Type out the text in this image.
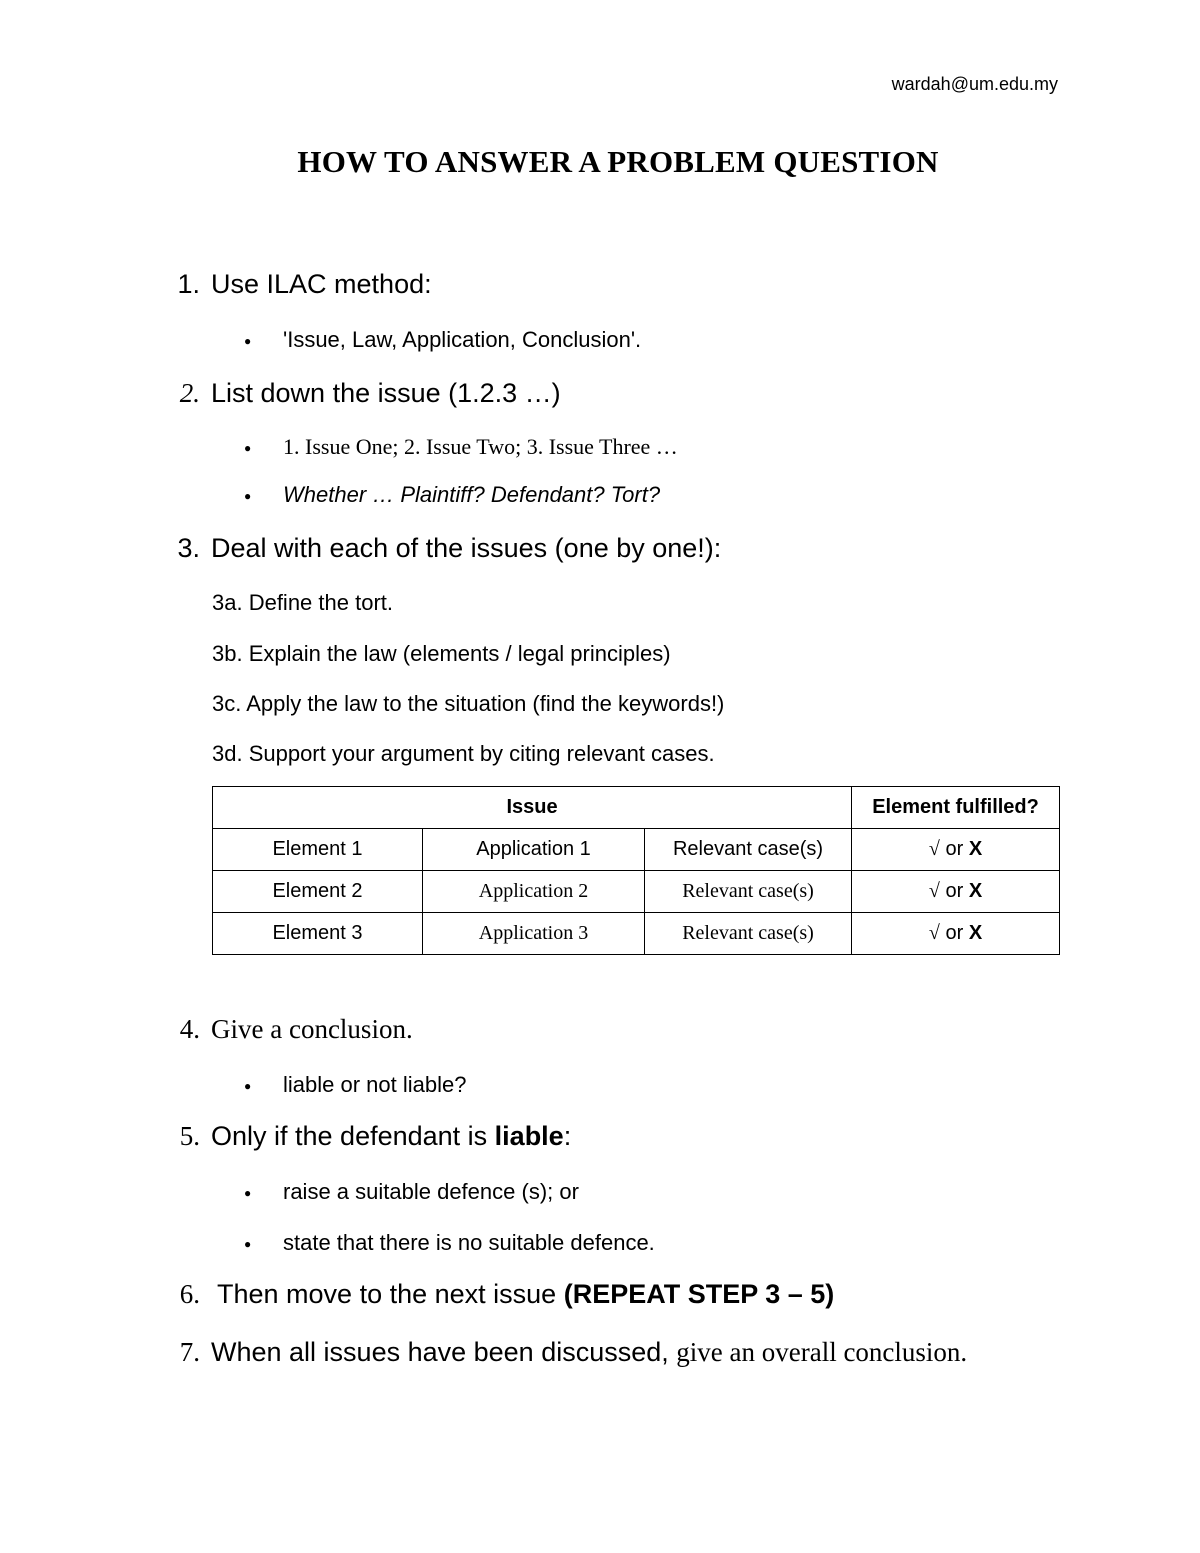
wardah@um.edu.my
HOW TO ANSWER A PROBLEM QUESTION
1. Use ILAC method:
● 'Issue, Law, Application, Conclusion'.
2. List down the issue (1.2.3 …)
● 1. Issue One; 2. Issue Two; 3. Issue Three …
● Whether … Plaintiff? Defendant? Tort?
3. Deal with each of the issues (one by one!):
3a. Define the tort.
3b. Explain the law (elements / legal principles)
3c. Apply the law to the situation (find the keywords!)
3d. Support your argument by citing relevant cases.
Issue			Element fulfilled?
Element 1	Application 1	Relevant case(s)	√ or X
Element 2	Application 2	Relevant case(s)	√ or X
Element 3	Application 3	Relevant case(s)	√ or X
4. Give a conclusion.
● liable or not liable?
5. Only if the defendant is liable:
● raise a suitable defence (s); or
● state that there is no suitable defence.
6. Then move to the next issue (REPEAT STEP 3 – 5)
7. When all issues have been discussed, give an overall conclusion.
